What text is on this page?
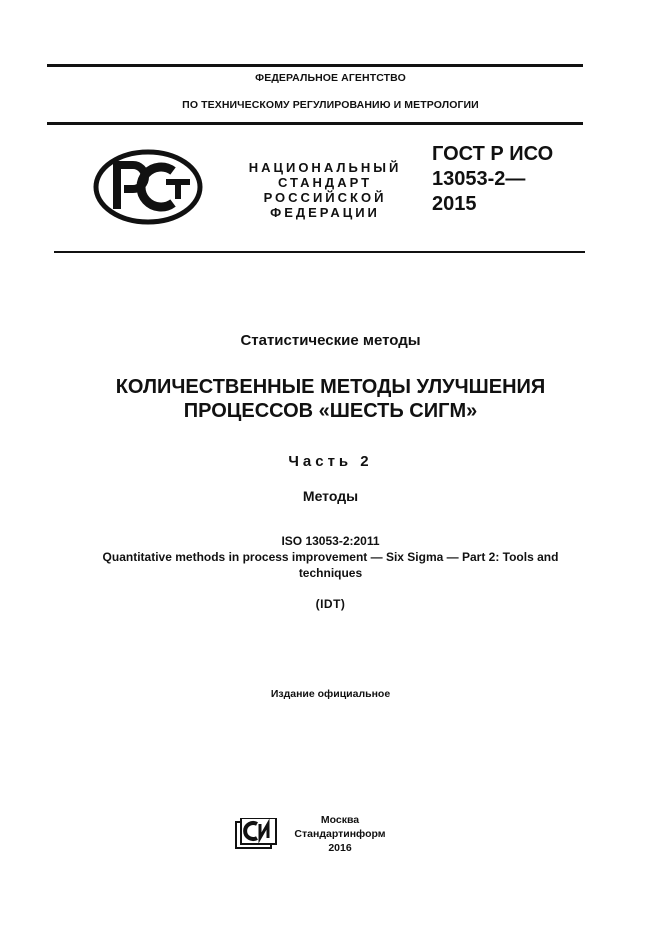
ФЕДЕРАЛЬНОЕ АГЕНТСТВО
ПО ТЕХНИЧЕСКОМУ РЕГУЛИРОВАНИЮ И МЕТРОЛОГИИ
НАЦИОНАЛЬНЫЙ
СТАНДАРТ
РОССИЙСКОЙ
ФЕДЕРАЦИИ
ГОСТ Р ИСО
13053-2—
2015
Статистические методы
КОЛИЧЕСТВЕННЫЕ МЕТОДЫ УЛУЧШЕНИЯ
ПРОЦЕССОВ «ШЕСТЬ СИГМ»
Часть 2
Методы
ISO 13053-2:2011
Quantitative methods in process improvement — Six Sigma — Part 2: Tools and
techniques
(IDT)
Издание официальное
Москва
Стандартинформ
2016
